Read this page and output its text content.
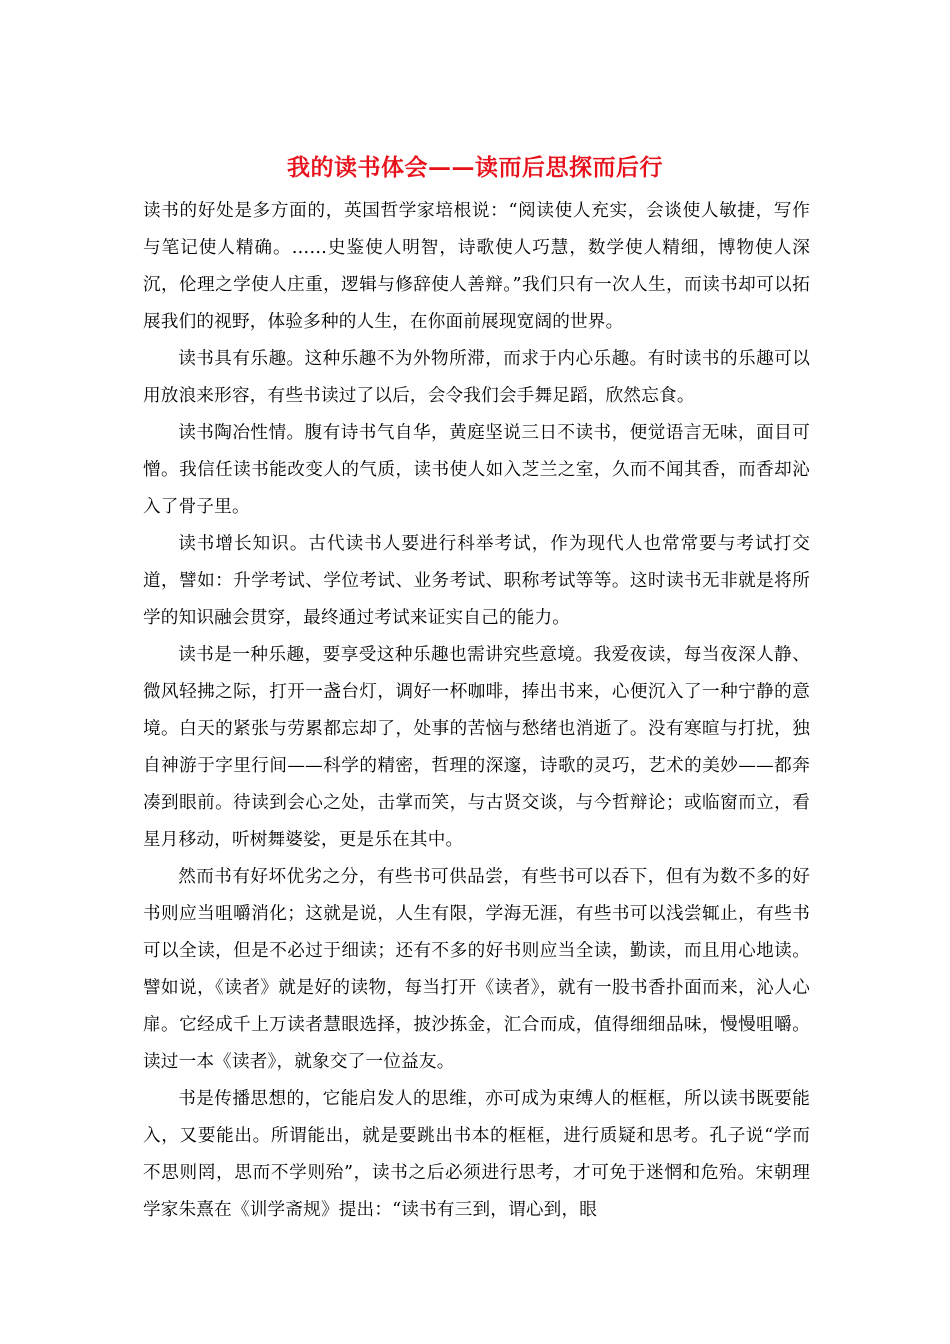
我的读书体会——读而后思探而后行

读书的好处是多方面的，英国哲学家培根说：“阅读使人充实，会谈使人敏捷，写作与笔记使人精确。……史鉴使人明智，诗歌使人巧慧，数学使人精细，博物使人深沉，伦理之学使人庄重，逻辑与修辞使人善辩。”我们只有一次人生，而读书却可以拓展我们的视野，体验多种的人生，在你面前展现宽阔的世界。

读书具有乐趣。这种乐趣不为外物所滞，而求于内心乐趣。有时读书的乐趣可以用放浪来形容，有些书读过了以后，会令我们会手舞足蹈，欣然忘食。

读书陶冶性情。腹有诗书气自华，黄庭坚说三日不读书，便觉语言无味，面目可憎。我信任读书能改变人的气质，读书使人如入芝兰之室，久而不闻其香，而香却沁入了骨子里。

读书增长知识。古代读书人要进行科举考试，作为现代人也常常要与考试打交道，譬如：升学考试、学位考试、业务考试、职称考试等等。这时读书无非就是将所学的知识融会贯穿，最终通过考试来证实自己的能力。

读书是一种乐趣，要享受这种乐趣也需讲究些意境。我爱夜读，每当夜深人静、微风轻拂之际，打开一盏台灯，调好一杯咖啡，捧出书来，心便沉入了一种宁静的意境。白天的紧张与劳累都忘却了，处事的苦恼与愁绪也消逝了。没有寒暄与打扰，独自神游于字里行间——科学的精密，哲理的深邃，诗歌的灵巧，艺术的美妙——都奔凑到眼前。待读到会心之处，击掌而笑，与古贤交谈，与今哲辩论；或临窗而立，看星月移动，听树舞婆娑，更是乐在其中。

然而书有好坏优劣之分，有些书可供品尝，有些书可以吞下，但有为数不多的好书则应当咀嚼消化；这就是说，人生有限，学海无涯，有些书可以浅尝辄止，有些书可以全读，但是不必过于细读；还有不多的好书则应当全读，勤读，而且用心地读。譬如说，《读者》就是好的读物，每当打开《读者》，就有一股书香扑面而来，沁人心扉。它经成千上万读者慧眼选择，披沙拣金，汇合而成，值得细细品味，慢慢咀嚼。读过一本《读者》，就象交了一位益友。

书是传播思想的，它能启发人的思维，亦可成为束缚人的框框，所以读书既要能入，又要能出。所谓能出，就是要跳出书本的框框，进行质疑和思考。孔子说“学而不思则罔，思而不学则殆”，读书之后必须进行思考，才可免于迷惘和危殆。宋朝理学家朱熹在《训学斋规》提出：“读书有三到，谓心到，眼
